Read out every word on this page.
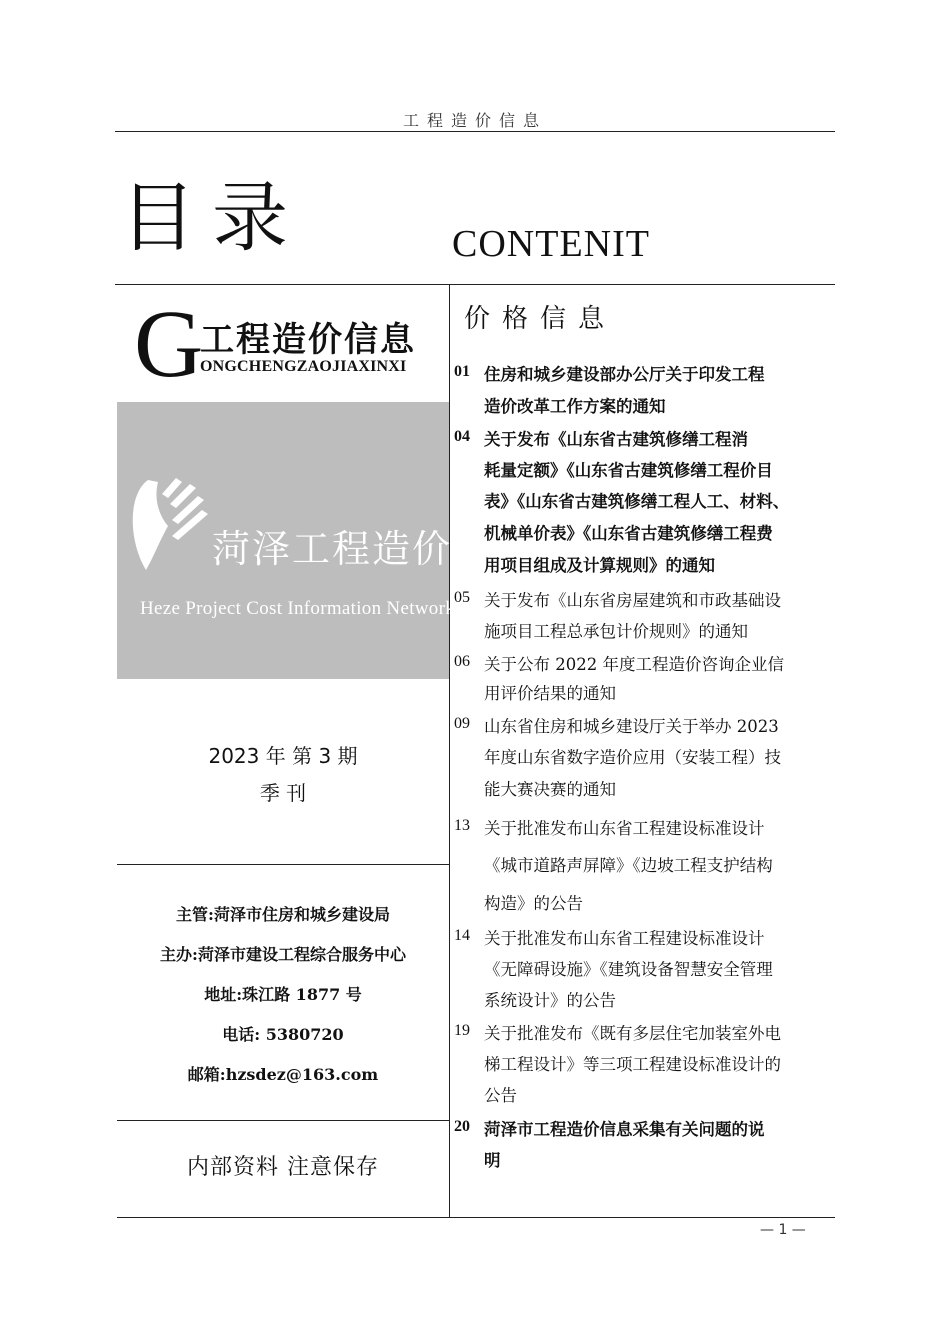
工程造价信息
目录	CONTENIT
G
工程造价信息
ONGCHENGZAOJIAXINXI
菏泽工程造价
Heze Project Cost Information Network
2023 年 第 3 期
季 刊
主管:菏泽市住房和城乡建设局
主办:菏泽市建设工程综合服务中心
地址:珠江路 1877 号
电话: 5380720
邮箱:hzsdez@163.com
内部资料 注意保存
价格信息
01 住房和城乡建设部办公厅关于印发工程
造价改革工作方案的通知
04 关于发布《山东省古建筑修缮工程消
耗量定额》《山东省古建筑修缮工程价目
表》《山东省古建筑修缮工程人工、材料、
机械单价表》《山东省古建筑修缮工程费
用项目组成及计算规则》的通知
05 关于发布《山东省房屋建筑和市政基础设
施项目工程总承包计价规则》的通知
06 关于公布 2022 年度工程造价咨询企业信
用评价结果的通知
09 山东省住房和城乡建设厅关于举办 2023
年度山东省数字造价应用（安装工程）技
能大赛决赛的通知
13 关于批准发布山东省工程建设标准设计
《城市道路声屏障》《边坡工程支护结构
构造》的公告
14 关于批准发布山东省工程建设标准设计
《无障碍设施》《建筑设备智慧安全管理
系统设计》的公告
19 关于批准发布《既有多层住宅加装室外电
梯工程设计》等三项工程建设标准设计的
公告
20 菏泽市工程造价信息采集有关问题的说
明
— 1 —
